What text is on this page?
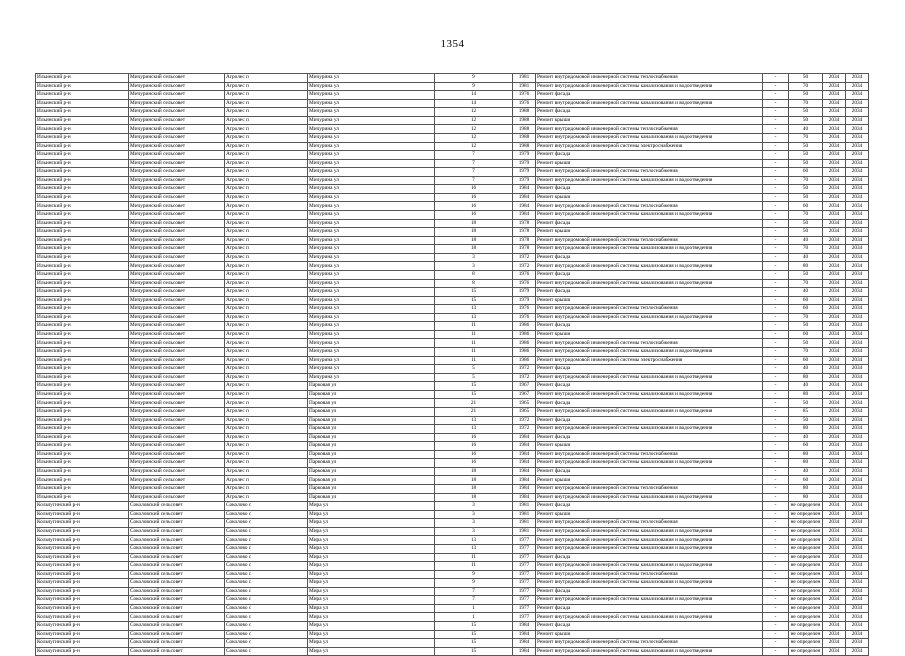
1354
Ильинский р-н	Мичуринский сельсовет	Агролес п	Мичурина ул	9	1981	Ремонт внутридомовой инженерной системы теплоснабжения	-	50	2034	2034
Ильинский р-н	Мичуринский сельсовет	Агролес п	Мичурина ул	9	1981	Ремонт внутридомовой инженерной системы канализования и водоотведения	-	70	2034	2034
Ильинский р-н	Мичуринский сельсовет	Агролес п	Мичурина ул	14	1976	Ремонт фасада	-	50	2034	2034
Ильинский р-н	Мичуринский сельсовет	Агролес п	Мичурина ул	14	1976	Ремонт внутридомовой инженерной системы канализования и водоотведения	-	70	2034	2034
Ильинский р-н	Мичуринский сельсовет	Агролес п	Мичурина ул	12	1988	Ремонт фасада	-	50	2034	2034
Ильинский р-н	Мичуринский сельсовет	Агролес п	Мичурина ул	12	1988	Ремонт крыши	-	50	2034	2034
Ильинский р-н	Мичуринский сельсовет	Агролес п	Мичурина ул	12	1988	Ремонт внутридомовой инженерной системы теплоснабжения	-	40	2034	2034
Ильинский р-н	Мичуринский сельсовет	Агролес п	Мичурина ул	12	1988	Ремонт внутридомовой инженерной системы канализования и водоотведения	-	70	2034	2034
Ильинский р-н	Мичуринский сельсовет	Агролес п	Мичурина ул	12	1988	Ремонт внутридомовой инженерной системы электроснабжения	-	50	2034	2034
Ильинский р-н	Мичуринский сельсовет	Агролес п	Мичурина ул	7	1979	Ремонт фасада	-	50	2034	2034
Ильинский р-н	Мичуринский сельсовет	Агролес п	Мичурина ул	7	1979	Ремонт крыши	-	50	2034	2034
Ильинский р-н	Мичуринский сельсовет	Агролес п	Мичурина ул	7	1979	Ремонт внутридомовой инженерной системы теплоснабжения	-	60	2034	2034
Ильинский р-н	Мичуринский сельсовет	Агролес п	Мичурина ул	7	1979	Ремонт внутридомовой инженерной системы канализования и водоотведения	-	70	2034	2034
Ильинский р-н	Мичуринский сельсовет	Агролес п	Мичурина ул	16	1984	Ремонт фасада	-	50	2034	2034
Ильинский р-н	Мичуринский сельсовет	Агролес п	Мичурина ул	16	1984	Ремонт крыши	-	50	2034	2034
Ильинский р-н	Мичуринский сельсовет	Агролес п	Мичурина ул	16	1984	Ремонт внутридомовой инженерной системы теплоснабжения	-	60	2034	2034
Ильинский р-н	Мичуринский сельсовет	Агролес п	Мичурина ул	16	1984	Ремонт внутридомовой инженерной системы канализования и водоотведения	-	70	2034	2034
Ильинский р-н	Мичуринский сельсовет	Агролес п	Мичурина ул	18	1978	Ремонт фасада	-	50	2034	2034
Ильинский р-н	Мичуринский сельсовет	Агролес п	Мичурина ул	18	1978	Ремонт крыши	-	50	2034	2034
Ильинский р-н	Мичуринский сельсовет	Агролес п	Мичурина ул	18	1978	Ремонт внутридомовой инженерной системы теплоснабжения	-	40	2034	2034
Ильинский р-н	Мичуринский сельсовет	Агролес п	Мичурина ул	18	1978	Ремонт внутридомовой инженерной системы канализования и водоотведения	-	70	2034	2034
Ильинский р-н	Мичуринский сельсовет	Агролес п	Мичурина ул	3	1972	Ремонт фасада	-	40	2034	2034
Ильинский р-н	Мичуринский сельсовет	Агролес п	Мичурина ул	3	1972	Ремонт внутридомовой инженерной системы канализования и водоотведения	-	80	2034	2034
Ильинский р-н	Мичуринский сельсовет	Агролес п	Мичурина ул	8	1976	Ремонт фасада	-	50	2034	2034
Ильинский р-н	Мичуринский сельсовет	Агролес п	Мичурина ул	8	1976	Ремонт внутридомовой инженерной системы канализования и водоотведения	-	70	2034	2034
Ильинский р-н	Мичуринский сельсовет	Агролес п	Мичурина ул	15	1979	Ремонт фасада	-	40	2034	2034
Ильинский р-н	Мичуринский сельсовет	Агролес п	Мичурина ул	15	1979	Ремонт крыши	-	60	2034	2034
Ильинский р-н	Мичуринский сельсовет	Агролес п	Мичурина ул	13	1976	Ремонт внутридомовой инженерной системы теплоснабжения	-	60	2034	2034
Ильинский р-н	Мичуринский сельсовет	Агролес п	Мичурина ул	13	1976	Ремонт внутридомовой инженерной системы канализования и водоотведения	-	70	2034	2034
Ильинский р-н	Мичуринский сельсовет	Агролес п	Мичурина ул	11	1986	Ремонт фасада	-	50	2034	2034
Ильинский р-н	Мичуринский сельсовет	Агролес п	Мичурина ул	11	1986	Ремонт крыши	-	60	2034	2034
Ильинский р-н	Мичуринский сельсовет	Агролес п	Мичурина ул	11	1986	Ремонт внутридомовой инженерной системы теплоснабжения	-	50	2034	2034
Ильинский р-н	Мичуринский сельсовет	Агролес п	Мичурина ул	11	1986	Ремонт внутридомовой инженерной системы канализования и водоотведения	-	70	2034	2034
Ильинский р-н	Мичуринский сельсовет	Агролес п	Мичурина ул	11	1986	Ремонт внутридомовой инженерной системы электроснабжения	-	60	2034	2034
Ильинский р-н	Мичуринский сельсовет	Агролес п	Мичурина ул	5	1972	Ремонт фасада	-	40	2034	2034
Ильинский р-н	Мичуринский сельсовет	Агролес п	Мичурина ул	5	1972	Ремонт внутридомовой инженерной системы канализования и водоотведения	-	80	2034	2034
Ильинский р-н	Мичуринский сельсовет	Агролес п	Парковая ул	15	1967	Ремонт фасада	-	40	2034	2034
Ильинский р-н	Мичуринский сельсовет	Агролес п	Парковая ул	15	1967	Ремонт внутридомовой инженерной системы канализования и водоотведения	-	80	2034	2034
Ильинский р-н	Мичуринский сельсовет	Агролес п	Парковая ул	21	1965	Ремонт фасада	-	50	2034	2034
Ильинский р-н	Мичуринский сельсовет	Агролес п	Парковая ул	21	1965	Ремонт внутридомовой инженерной системы канализования и водоотведения	-	85	2034	2034
Ильинский р-н	Мичуринский сельсовет	Агролес п	Парковая ул	13	1972	Ремонт фасада	-	50	2034	2034
Ильинский р-н	Мичуринский сельсовет	Агролес п	Парковая ул	13	1972	Ремонт внутридомовой инженерной системы канализования и водоотведения	-	80	2034	2034
Ильинский р-н	Мичуринский сельсовет	Агролес п	Парковая ул	16	1984	Ремонт фасада	-	40	2034	2034
Ильинский р-н	Мичуринский сельсовет	Агролес п	Парковая ул	16	1984	Ремонт крыши	-	60	2034	2034
Ильинский р-н	Мичуринский сельсовет	Агролес п	Парковая ул	16	1984	Ремонт внутридомовой инженерной системы теплоснабжения	-	80	2034	2034
Ильинский р-н	Мичуринский сельсовет	Агролес п	Парковая ул	16	1984	Ремонт внутридомовой инженерной системы канализования и водоотведения	-	80	2034	2034
Ильинский р-н	Мичуринский сельсовет	Агролес п	Парковая ул	18	1984	Ремонт фасада	-	40	2034	2034
Ильинский р-н	Мичуринский сельсовет	Агролес п	Парковая ул	18	1984	Ремонт крыши	-	60	2034	2034
Ильинский р-н	Мичуринский сельсовет	Агролес п	Парковая ул	18	1984	Ремонт внутридомовой инженерной системы теплоснабжения	-	80	2034	2034
Ильинский р-н	Мичуринский сельсовет	Агролес п	Парковая ул	18	1984	Ремонт внутридомовой инженерной системы канализования и водоотведения	-	80	2034	2034
Кольчугинский р-н	Соколовский сельсовет	Соколово с	Мира ул	3	1981	Ремонт фасада	-	не определен	2034	2034
Кольчугинский р-н	Соколовский сельсовет	Соколово с	Мира ул	3	1981	Ремонт крыши	-	не определен	2034	2034
Кольчугинский р-н	Соколовский сельсовет	Соколово с	Мира ул	3	1981	Ремонт внутридомовой инженерной системы теплоснабжения	-	не определен	2034	2034
Кольчугинский р-н	Соколовский сельсовет	Соколово с	Мира ул	3	1981	Ремонт внутридомовой инженерной системы канализования и водоотведения	-	не определен	2034	2034
Кольчугинский р-н	Соколовский сельсовет	Соколово с	Мира ул	13	1977	Ремонт внутридомовой инженерной системы канализования и водоотведения	-	не определен	2034	2034
Кольчугинский р-н	Соколовский сельсовет	Соколово с	Мира ул	13	1977	Ремонт внутридомовой инженерной системы канализования и водоотведения	-	не определен	2034	2034
Кольчугинский р-н	Соколовский сельсовет	Соколово с	Мира ул	11	1977	Ремонт фасада	-	не определен	2034	2034
Кольчугинский р-н	Соколовский сельсовет	Соколово с	Мира ул	11	1977	Ремонт внутридомовой инженерной системы канализования и водоотведения	-	не определен	2034	2034
Кольчугинский р-н	Соколовский сельсовет	Соколово с	Мира ул	9	1977	Ремонт внутридомовой инженерной системы теплоснабжения	-	не определен	2034	2034
Кольчугинский р-н	Соколовский сельсовет	Соколово с	Мира ул	9	1977	Ремонт внутридомовой инженерной системы канализования и водоотведения	-	не определен	2034	2034
Кольчугинский р-н	Соколовский сельсовет	Соколово с	Мира ул	7	1977	Ремонт фасада	-	не определен	2034	2034
Кольчугинский р-н	Соколовский сельсовет	Соколово с	Мира ул	7	1977	Ремонт внутридомовой инженерной системы канализования и водоотведения	-	не определен	2034	2034
Кольчугинский р-н	Соколовский сельсовет	Соколово с	Мира ул	1	1977	Ремонт фасада	-	не определен	2034	2034
Кольчугинский р-н	Соколовский сельсовет	Соколово с	Мира ул	1	1977	Ремонт внутридомовой инженерной системы канализования и водоотведения	-	не определен	2034	2034
Кольчугинский р-н	Соколовский сельсовет	Соколово с	Мира ул	15	1984	Ремонт фасада	-	не определен	2034	2034
Кольчугинский р-н	Соколовский сельсовет	Соколово с	Мира ул	15	1984	Ремонт крыши	-	не определен	2034	2034
Кольчугинский р-н	Соколовский сельсовет	Соколово с	Мира ул	15	1984	Ремонт внутридомовой инженерной системы теплоснабжения	-	не определен	2034	2034
Кольчугинский р-н	Соколовский сельсовет	Соколово с	Мира ул	15	1984	Ремонт внутридомовой инженерной системы канализования и водоотведения	-	не определен	2034	2034
